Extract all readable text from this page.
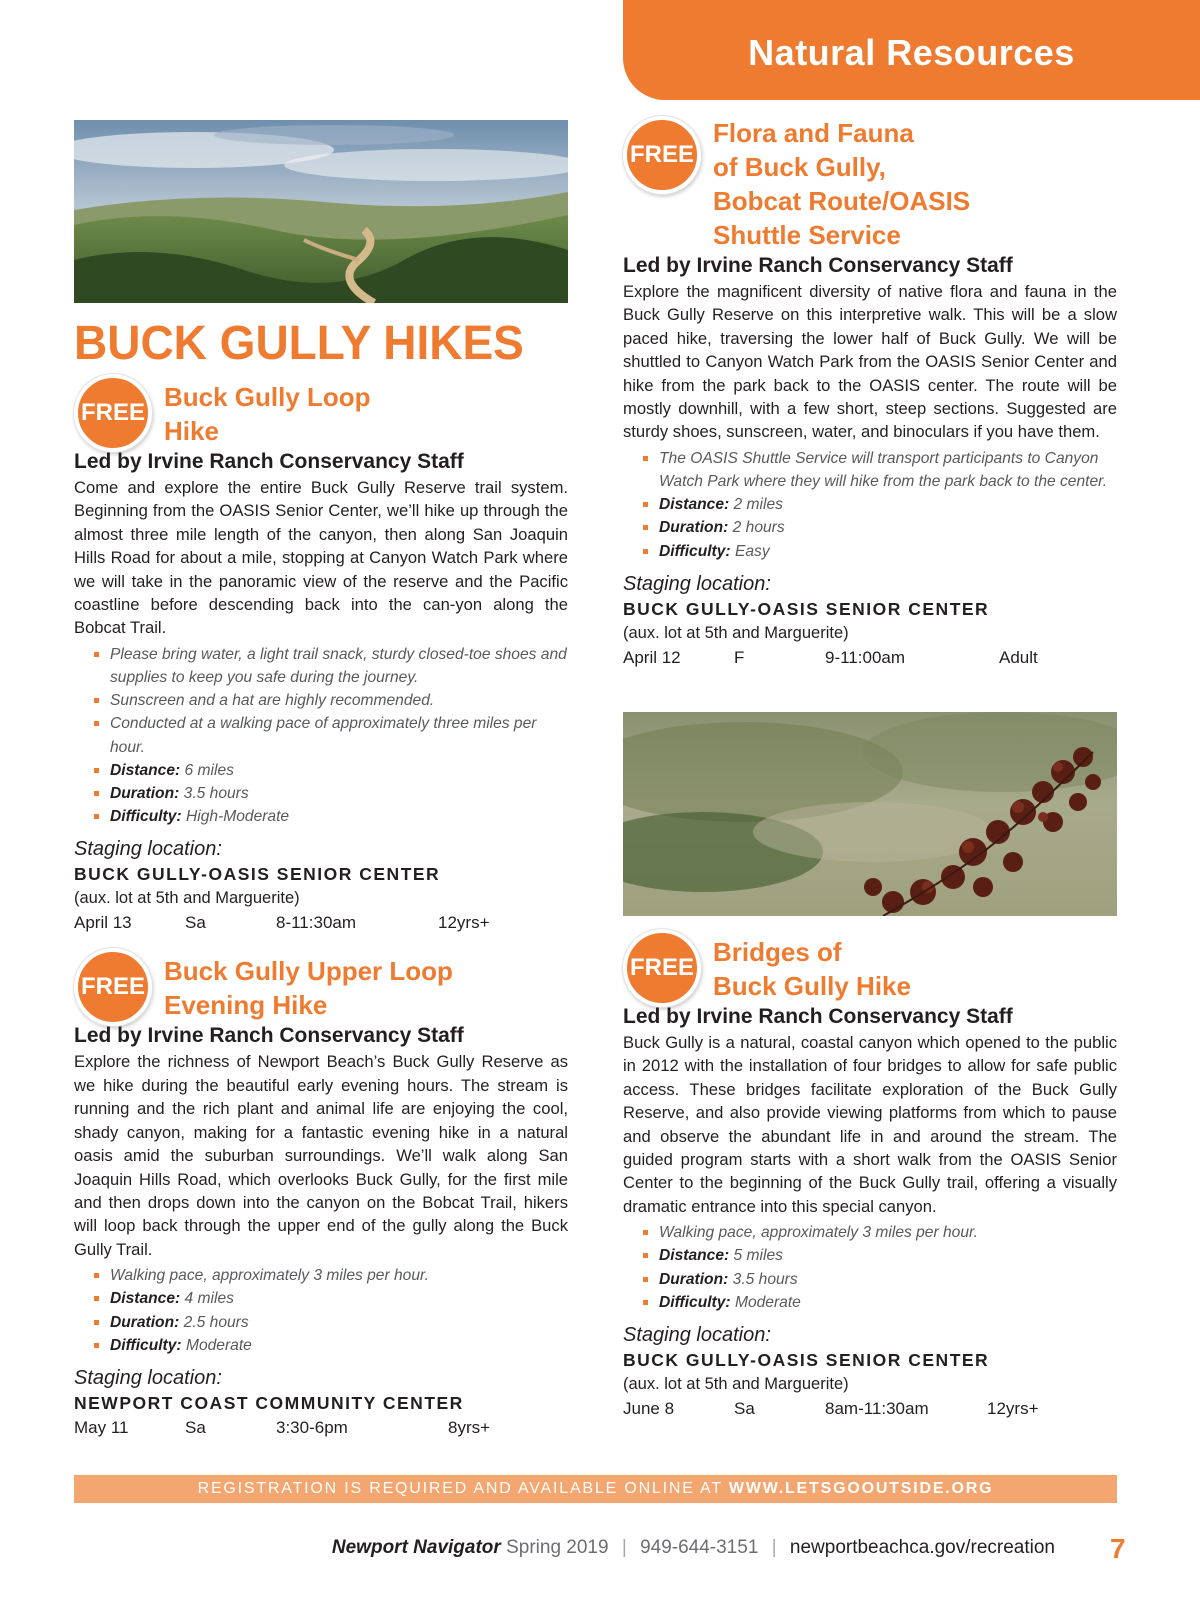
Natural Resources
BUCK GULLY HIKES
FREE
Buck Gully Loop
Hike
Led by Irvine Ranch Conservancy Staff

Come and explore the entire Buck Gully Reserve trail system. Beginning from the OASIS Senior Center, we’ll hike up through the almost three mile length of the canyon, then along San Joaquin Hills Road for about a mile, stopping at Canyon Watch Park where we will take in the panoramic view of the reserve and the Pacific coastline before descending back into the can-yon along the Bobcat Trail.

Please bring water, a light trail snack, sturdy closed-toe shoes and supplies to keep you safe during the journey.
Sunscreen and a hat are highly recommended.
Conducted at a walking pace of approximately three miles per hour.
Distance: 6 miles
Duration: 3.5 hours
Difficulty: High-Moderate
Staging location:
BUCK GULLY-OASIS SENIOR CENTER
(aux. lot at 5th and Marguerite)
April 13	Sa	8-11:30am	12yrs+
FREE
Buck Gully Upper Loop
Evening Hike
Led by Irvine Ranch Conservancy Staff

Explore the richness of Newport Beach’s Buck Gully Reserve as we hike during the beautiful early evening hours. The stream is running and the rich plant and animal life are enjoying the cool, shady canyon, making for a fantastic evening hike in a natural oasis amid the suburban surroundings. We’ll walk along San Joaquin Hills Road, which overlooks Buck Gully, for the first mile and then drops down into the canyon on the Bobcat Trail, hikers will loop back through the upper end of the gully along the Buck Gully Trail.

Walking pace, approximately 3 miles per hour.
Distance: 4 miles
Duration: 2.5 hours
Difficulty: Moderate
Staging location:
NEWPORT COAST COMMUNITY CENTER
May 11	Sa	3:30-6pm	8yrs+
FREE
Flora and Fauna
of Buck Gully,
Bobcat Route/OASIS
Shuttle Service
Led by Irvine Ranch Conservancy Staff

Explore the magnificent diversity of native flora and fauna in the Buck Gully Reserve on this interpretive walk. This will be a slow paced hike, traversing the lower half of Buck Gully. We will be shuttled to Canyon Watch Park from the OASIS Senior Center and hike from the park back to the OASIS center. The route will be mostly downhill, with a few short, steep sections. Suggested are sturdy shoes, sunscreen, water, and binoculars if you have them.

The OASIS Shuttle Service will transport participants to Canyon Watch Park where they will hike from the park back to the center.
Distance: 2 miles
Duration: 2 hours
Difficulty: Easy
Staging location:
BUCK GULLY-OASIS SENIOR CENTER
(aux. lot at 5th and Marguerite)
April 12	F	9-11:00am	Adult
FREE
Bridges of
Buck Gully Hike
Led by Irvine Ranch Conservancy Staff

Buck Gully is a natural, coastal canyon which opened to the public in 2012 with the installation of four bridges to allow for safe public access. These bridges facilitate exploration of the Buck Gully Reserve, and also provide viewing platforms from which to pause and observe the abundant life in and around the stream. The guided program starts with a short walk from the OASIS Senior Center to the beginning of the Buck Gully trail, offering a visually dramatic entrance into this special canyon.

Walking pace, approximately 3 miles per hour.
Distance: 5 miles
Duration: 3.5 hours
Difficulty: Moderate
Staging location:
BUCK GULLY-OASIS SENIOR CENTER
(aux. lot at 5th and Marguerite)
June 8	Sa	8am-11:30am	12yrs+
REGISTRATION IS REQUIRED AND AVAILABLE ONLINE AT WWW.LETSGOOUTSIDE.ORG
Newport Navigator Spring 2019 | 949-644-3151 | newportbeachca.gov/recreation 7
